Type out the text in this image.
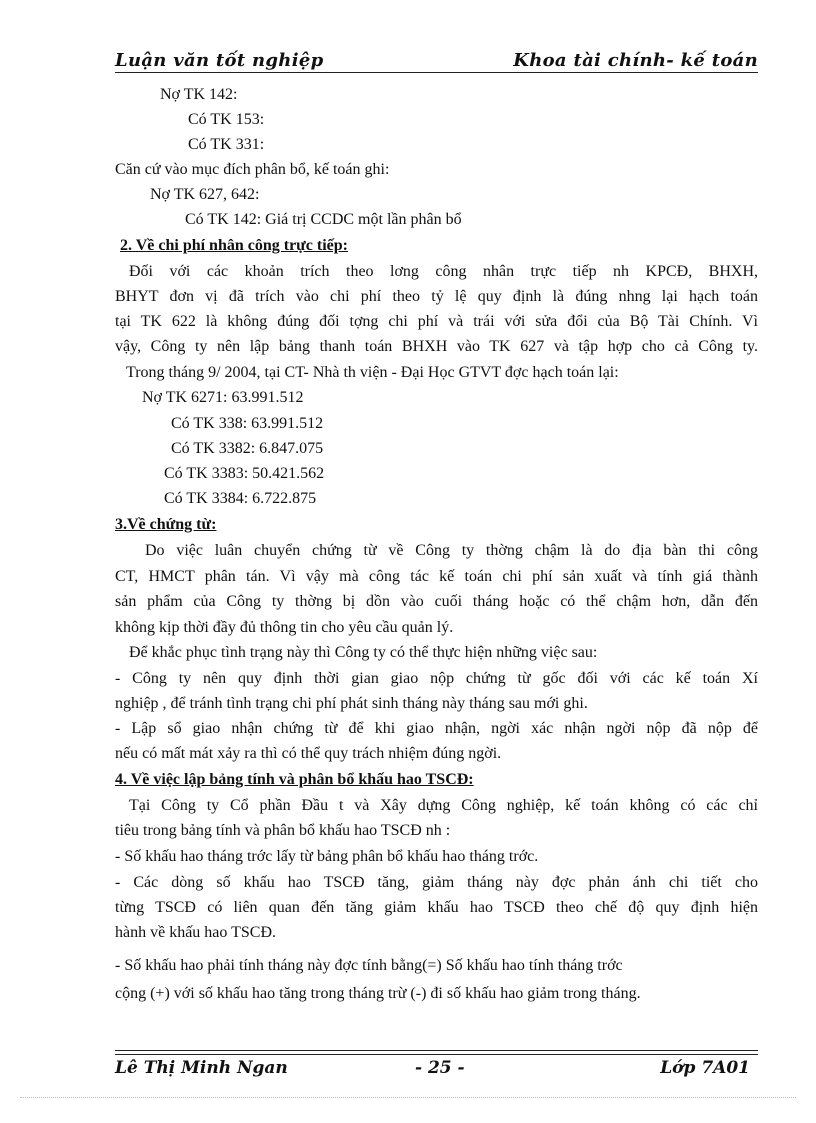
Luận văn tốt nghiệp	Khoa tài chính- kế toán
Nợ TK 142:
Có TK 153:
Có TK 331:
Căn cứ vào mục đích phân bổ, kế toán ghi:
Nợ TK 627, 642:
Có TK 142: Giá trị CCDC một lần phân bổ
2. Về chi phí nhân công trực tiếp:
Đối với các khoản trích theo lơng công nhân trực tiếp nh KPCĐ, BHXH,
BHYT đơn vị đã trích vào chi phí theo tỷ lệ quy định là đúng nhng lại hạch toán
tại TK 622 là không đúng đối tợng chi phí và trái với sửa đổi của Bộ Tài Chính. Vì
vậy, Công ty nên lập bảng thanh toán BHXH vào TK 627 và tập hợp cho cả Công ty.
Trong tháng 9/ 2004, tại CT- Nhà th viện - Đại Học GTVT đợc hạch toán lại:
Nợ TK 6271: 63.991.512
Có TK 338: 63.991.512
Có TK 3382: 6.847.075
Có TK 3383: 50.421.562
Có TK 3384: 6.722.875
3.Về chứng từ:
Do việc luân chuyển chứng từ về Công ty thờng chậm là do địa bàn thi công
CT, HMCT phân tán. Vì vậy mà công tác kế toán chi phí sản xuất và tính giá thành
sản phẩm của Công ty thờng bị dồn vào cuối tháng hoặc có thể chậm hơn, dẫn đến
không kịp thời đầy đủ thông tin cho yêu cầu quản lý.
Để khắc phục tình trạng này thì Công ty có thể thực hiện những việc sau:
- Công ty nên quy định thời gian giao nộp chứng từ gốc đối với các kế toán Xí
nghiệp , để tránh tình trạng chi phí phát sinh tháng này tháng sau mới ghi.
- Lập sổ giao nhận chứng từ để khi giao nhận, ngời xác nhận ngời nộp đã nộp để
nếu có mất mát xảy ra thì có thể quy trách nhiệm đúng ngời.
4. Về việc lập bảng tính và phân bổ khấu hao TSCĐ:
Tại Công ty Cổ phần Đầu t và Xây dựng Công nghiệp, kế toán không có các chỉ
tiêu trong bảng tính và phân bổ khấu hao TSCĐ nh :
- Số khấu hao tháng trớc lấy từ bảng phân bổ khấu hao tháng trớc.
- Các dòng số khấu hao TSCĐ tăng, giảm tháng này đợc phản ánh chi tiết cho
từng TSCĐ có liên quan đến tăng giảm khấu hao TSCĐ theo chế độ quy định hiện
hành về khấu hao TSCĐ.
- Số khấu hao phải tính tháng này đợc tính bằng(=) Số khấu hao tính tháng trớc
cộng (+) với số khấu hao tăng trong tháng trừ (-) đi số khấu hao giảm trong tháng.
Lê Thị Minh Ngan	- 25 -	Lớp 7A01
